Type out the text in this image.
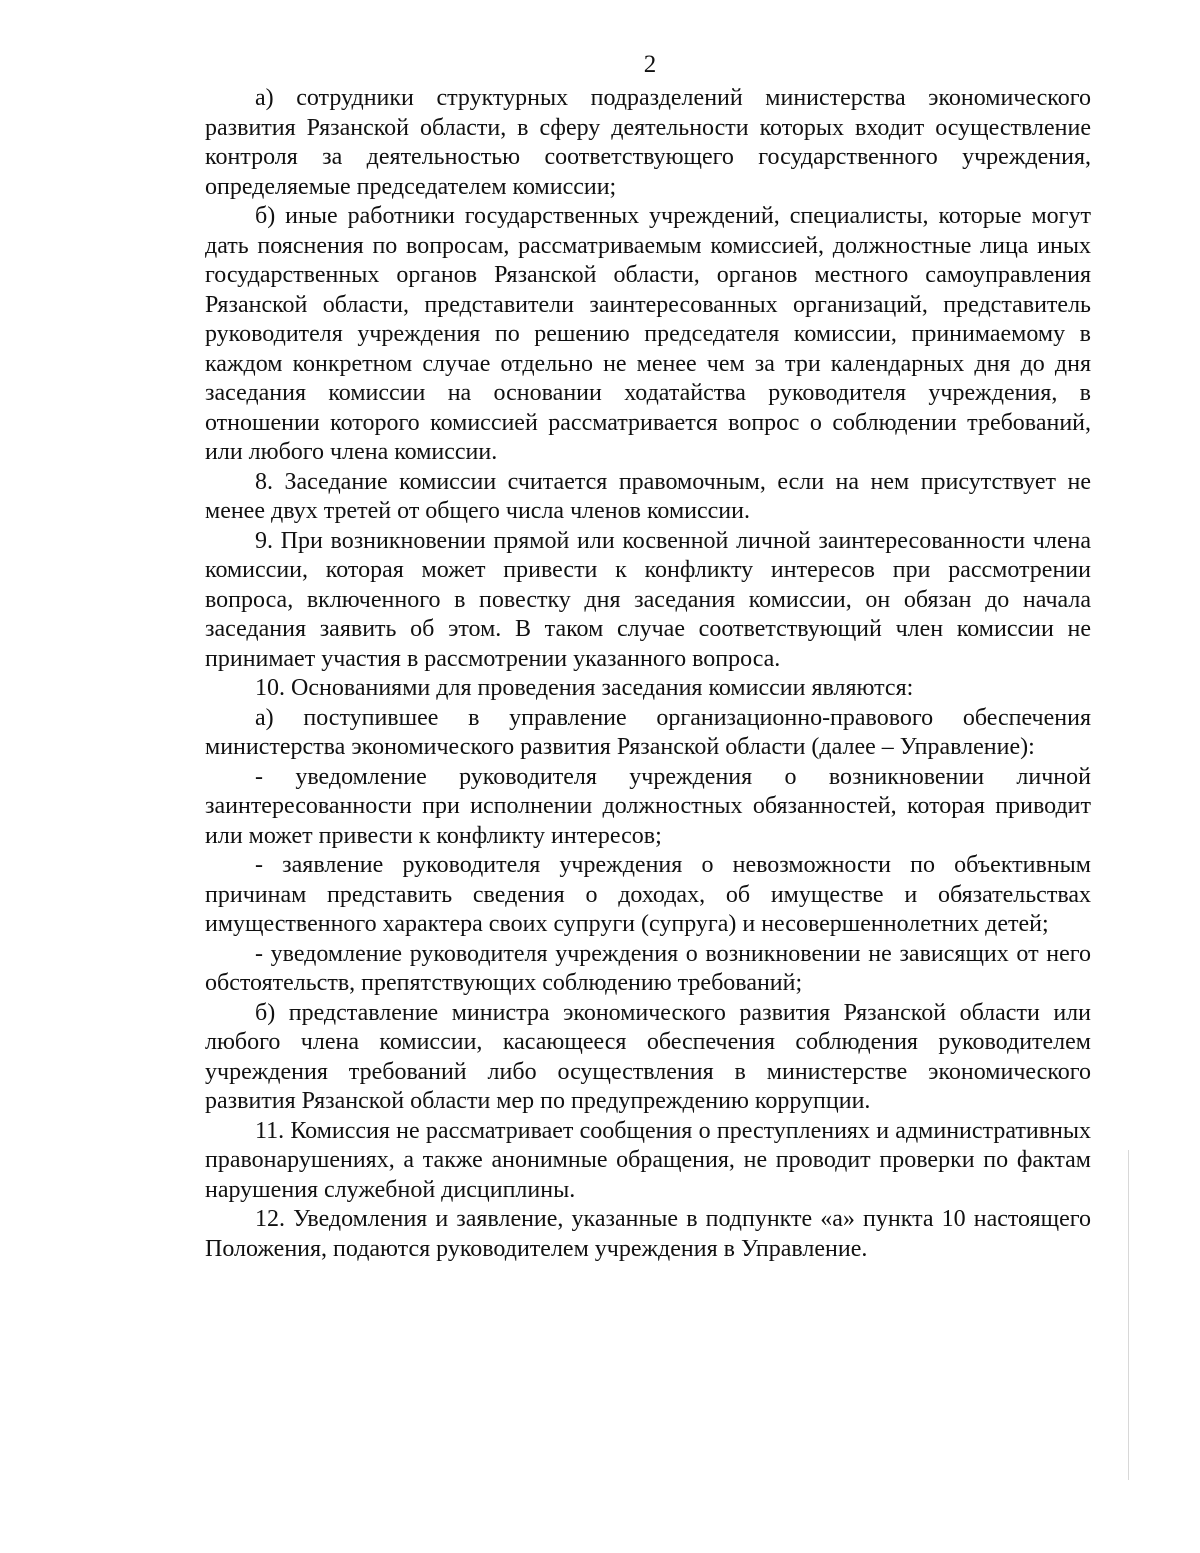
2

а) сотрудники структурных подразделений министерства экономического развития Рязанской области, в сферу деятельности которых входит осуществление контроля за деятельностью соответствующего государственного учреждения, определяемые председателем комиссии;

б) иные работники государственных учреждений, специалисты, которые могут дать пояснения по вопросам, рассматриваемым комиссией, должностные лица иных государственных органов Рязанской области, органов местного самоуправления Рязанской области, представители заинтересованных организаций, представитель руководителя учреждения по решению председателя комиссии, принимаемому в каждом конкретном случае отдельно не менее чем за три календарных дня до дня заседания комиссии на основании ходатайства руководителя учреждения, в отношении которого комиссией рассматривается вопрос о соблюдении требований, или любого члена комиссии.

8. Заседание комиссии считается правомочным, если на нем присутствует не менее двух третей от общего числа членов комиссии.

9. При возникновении прямой или косвенной личной заинтересованности члена комиссии, которая может привести к конфликту интересов при рассмотрении вопроса, включенного в повестку дня заседания комиссии, он обязан до начала заседания заявить об этом. В таком случае соответствующий член комиссии не принимает участия в рассмотрении указанного вопроса.

10. Основаниями для проведения заседания комиссии являются:

а) поступившее в управление организационно-правового обеспечения министерства экономического развития Рязанской области (далее – Управление):

- уведомление руководителя учреждения о возникновении личной заинтересованности при исполнении должностных обязанностей, которая приводит или может привести к конфликту интересов;

- заявление руководителя учреждения о невозможности по объективным причинам представить сведения о доходах, об имуществе и обязательствах имущественного характера своих супруги (супруга) и несовершеннолетних детей;

- уведомление руководителя учреждения о возникновении не зависящих от него обстоятельств, препятствующих соблюдению требований;

б) представление министра экономического развития Рязанской области или любого члена комиссии, касающееся обеспечения соблюдения руководителем учреждения требований либо осуществления в министерстве экономического развития Рязанской области мер по предупреждению коррупции.

11. Комиссия не рассматривает сообщения о преступлениях и административных правонарушениях, а также анонимные обращения, не проводит проверки по фактам нарушения служебной дисциплины.

12. Уведомления и заявление, указанные в подпункте «а» пункта 10 настоящего Положения, подаются руководителем учреждения в Управление.
